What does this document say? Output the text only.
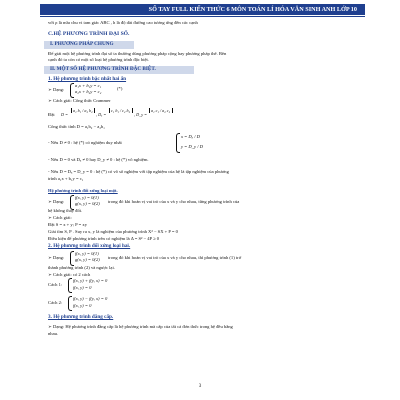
SỔ TAY FULL KIẾN THỨC 6 MÔN TOÁN LÍ HÓA VĂN SINH ANH LỚP 10
với ρ là nửa chu vi tam giác ABC , h là độ dài đường cao tương ứng đến các cạnh
C.HỆ PHƯƠNG TRÌNH ĐẠI SỐ.
I. PHƯƠNG PHÁP CHUNG
Để giải một hệ phương trình đại số ta thường dùng phương pháp cộng hay phương pháp thế. Bên
cạnh đó ta còn có một số loại hệ phương trình đặc biệt.
II. MỘT SỐ HỆ PHƯƠNG TRÌNH ĐẶC BIỆT.
1. Hệ phương trình bậc nhất hai ẩn
➢ Dạng:
a₁x + b₁y = c₁
a₂x + b₂y = c₂
(*)
➢ Cách giải: Công thức Crammer
Đặt D =
a₁ b₁ / a₂ b₂
, Dₓ =
c₁ b₁ / c₂ b₂
, D_y =
a₁ c₁ / a₂ c₂
Công thức tính D = a₁b₂ − a₂b₁
- Nếu D ≠ 0 : hệ (*) có nghiệm duy nhất
x = Dₓ / D
y = D_y / D
- Nếu D = 0 và Dₓ ≠ 0 hay D_y ≠ 0 : hệ (*) vô nghiệm.
- Nếu D = Dₓ = D_y = 0 : hệ (*) có vô số nghiệm với tập nghiệm của hệ là tập nghiệm của phương
trình a₁x + b₁y = c₁
Hệ phương trình đối xứng loại một.
➢ Dạng:
f(x, y) = 0(1)
g(x, y) = 0(2) trong đó khi hoán vị vai trò của x và y cho nhau, từng phương trình của
hệ không thay đổi.
➢ Cách giải:
Đặt S = x + y; P = xy
Giải tìm S, P . Suy ra x, y là nghiệm của phương trình X² − SX + P = 0
Điều kiện để phương trình trên có nghiệm là Δ = S² − 4P ≥ 0
2. Hệ phương trình đối xứng loại hai.
➢ Dạng:
f(x, y) = 0(1)
g(x, y) = 0(2) trong đó khi hoán vị vai trò của x và y cho nhau, thì phương trình (1) trở
thành phương trình (2) và ngược lại.
➢ Cách giải: có 2 cách
Cách 1:
f(x, y) + f(y, x) = 0
f(x, y) = 0
Cách 2:
f(x, y) − f(y, x) = 0
f(x, y) = 0
3. Hệ phương trình đẳng cấp.
➢ Dạng: Hệ phương trình đẳng cấp là hệ phương trình mà cấp của tất cả đơn thức trong hệ đều bằng
nhau.
3
